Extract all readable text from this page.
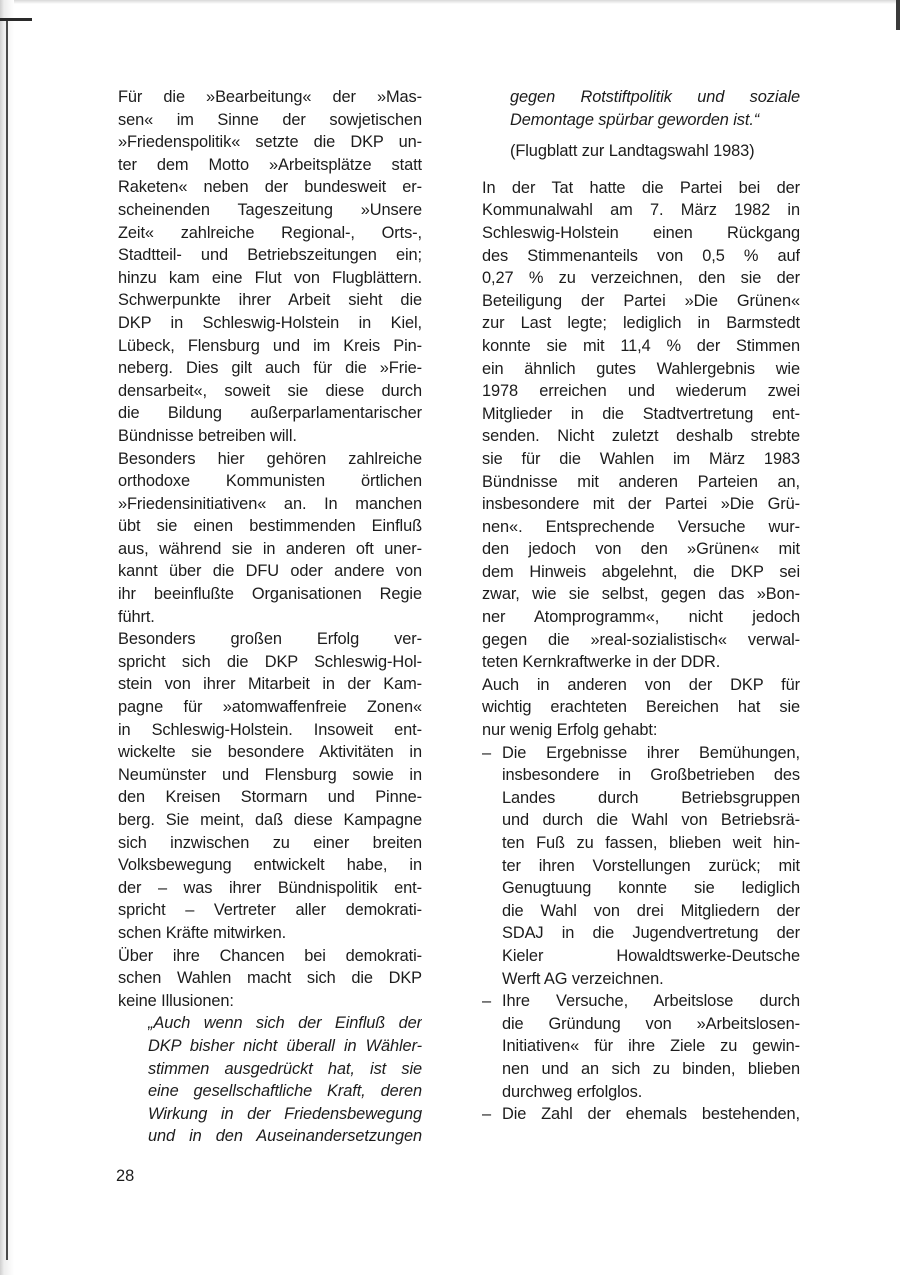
Für die »Bearbeitung« der »Mas-
sen« im Sinne der sowjetischen
»Friedenspolitik« setzte die DKP un-
ter dem Motto »Arbeitsplätze statt
Raketen« neben der bundesweit er-
scheinenden Tageszeitung »Unsere
Zeit« zahlreiche Regional-, Orts-,
Stadtteil- und Betriebszeitungen ein;
hinzu kam eine Flut von Flugblättern.
Schwerpunkte ihrer Arbeit sieht die
DKP in Schleswig-Holstein in Kiel,
Lübeck, Flensburg und im Kreis Pin-
neberg. Dies gilt auch für die »Frie-
densarbeit«, soweit sie diese durch
die Bildung außerparlamentarischer
Bündnisse betreiben will.
Besonders hier gehören zahlreiche
orthodoxe Kommunisten örtlichen
»Friedensinitiativen« an. In manchen
übt sie einen bestimmenden Einfluß
aus, während sie in anderen oft uner-
kannt über die DFU oder andere von
ihr beeinflußte Organisationen Regie
führt.
Besonders großen Erfolg ver-
spricht sich die DKP Schleswig-Hol-
stein von ihrer Mitarbeit in der Kam-
pagne für »atomwaffenfreie Zonen«
in Schleswig-Holstein. Insoweit ent-
wickelte sie besondere Aktivitäten in
Neumünster und Flensburg sowie in
den Kreisen Stormarn und Pinne-
berg. Sie meint, daß diese Kampagne
sich inzwischen zu einer breiten
Volksbewegung entwickelt habe, in
der – was ihrer Bündnispolitik ent-
spricht – Vertreter aller demokrati-
schen Kräfte mitwirken.
Über ihre Chancen bei demokrati-
schen Wahlen macht sich die DKP
keine Illusionen:
„Auch wenn sich der Einfluß der
DKP bisher nicht überall in Wähler-
stimmen ausgedrückt hat, ist sie
eine gesellschaftliche Kraft, deren
Wirkung in der Friedensbewegung
und in den Auseinandersetzungen
gegen Rotstiftpolitik und soziale
Demontage spürbar geworden ist.“
(Flugblatt zur Landtagswahl 1983)
In der Tat hatte die Partei bei der
Kommunalwahl am 7. März 1982 in
Schleswig-Holstein einen Rückgang
des Stimmenanteils von 0,5 % auf
0,27 % zu verzeichnen, den sie der
Beteiligung der Partei »Die Grünen«
zur Last legte; lediglich in Barmstedt
konnte sie mit 11,4 % der Stimmen
ein ähnlich gutes Wahlergebnis wie
1978 erreichen und wiederum zwei
Mitglieder in die Stadtvertretung ent-
senden. Nicht zuletzt deshalb strebte
sie für die Wahlen im März 1983
Bündnisse mit anderen Parteien an,
insbesondere mit der Partei »Die Grü-
nen«. Entsprechende Versuche wur-
den jedoch von den »Grünen« mit
dem Hinweis abgelehnt, die DKP sei
zwar, wie sie selbst, gegen das »Bon-
ner Atomprogramm«, nicht jedoch
gegen die »real-sozialistisch« verwal-
teten Kernkraftwerke in der DDR.
Auch in anderen von der DKP für
wichtig erachteten Bereichen hat sie
nur wenig Erfolg gehabt:
– Die Ergebnisse ihrer Bemühungen,
insbesondere in Großbetrieben des
Landes durch Betriebsgruppen
und durch die Wahl von Betriebsrä-
ten Fuß zu fassen, blieben weit hin-
ter ihren Vorstellungen zurück; mit
Genugtuung konnte sie lediglich
die Wahl von drei Mitgliedern der
SDAJ in die Jugendvertretung der
Kieler Howaldtswerke-Deutsche
Werft AG verzeichnen.
– Ihre Versuche, Arbeitslose durch
die Gründung von »Arbeitslosen-
Initiativen« für ihre Ziele zu gewin-
nen und an sich zu binden, blieben
durchweg erfolglos.
– Die Zahl der ehemals bestehenden,
28
